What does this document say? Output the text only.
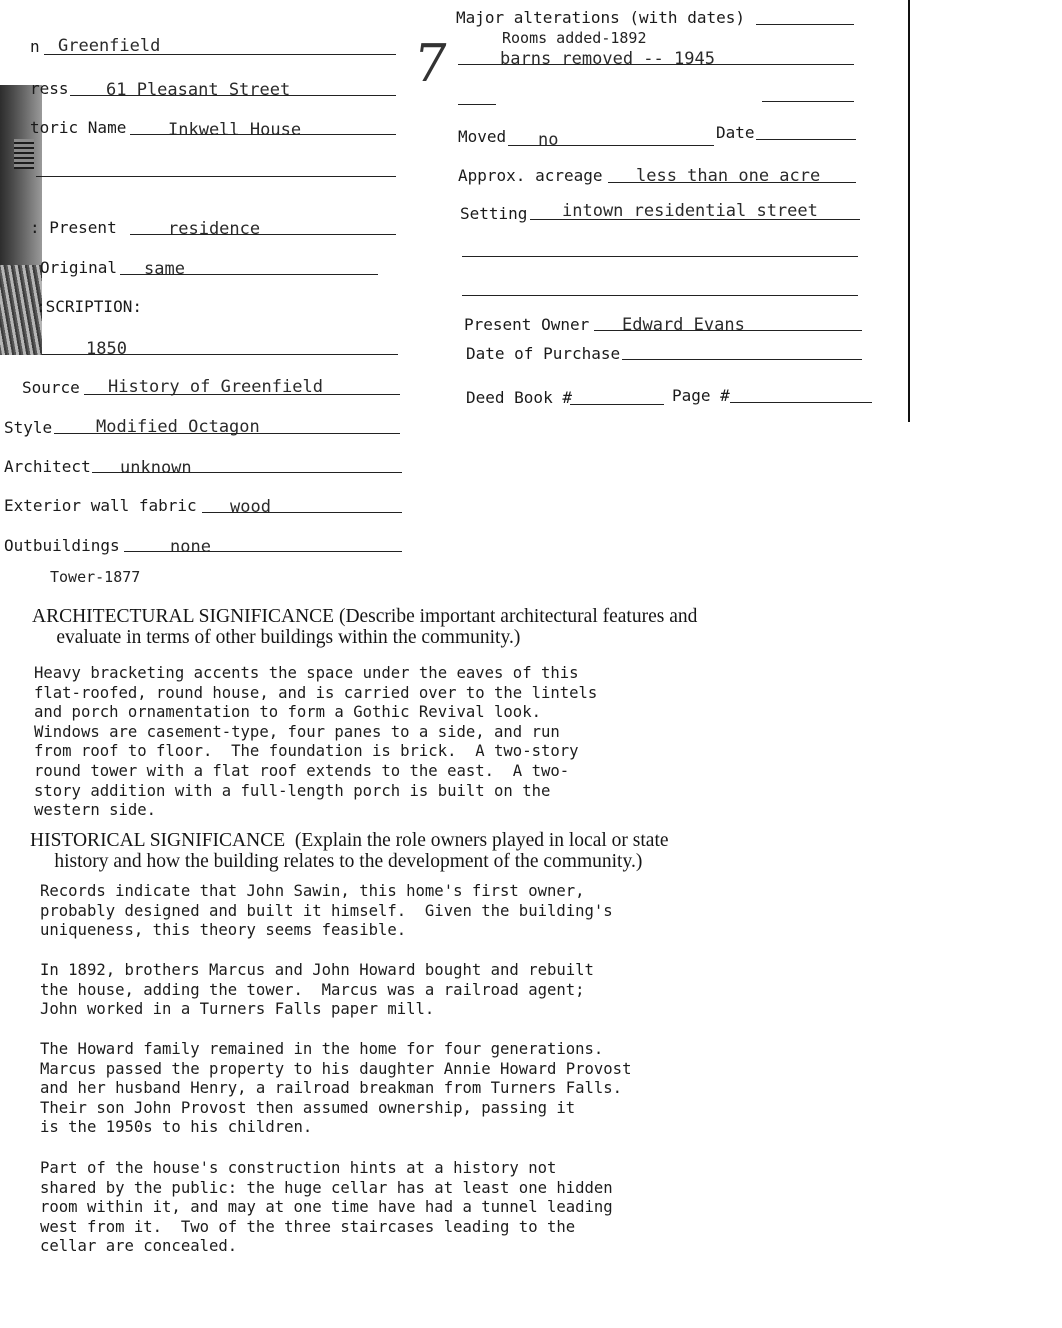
7
n Greenfield
ress 61 Pleasant Street
toric Name Inkwell House
: Present	residence
Original same
:SCRIPTION:
1850
Source History of Greenfield
Style	Modified Octagon
Architect unknown
Exterior wall fabric wood
Outbuildings	none
Tower-1877
Major alterations (with dates)
Rooms added-1892
barns removed -- 1945
Moved no	Date
Approx. acreage less than one acre
Setting intown residential street
Present Owner Edward Evans
Date of Purchase
Deed Book #	Page #
ARCHITECTURAL SIGNIFICANCE (Describe important architectural features and
evaluate in terms of other buildings within the community.)
Heavy bracketing accents the space under the eaves of this
flat-roofed, round house, and is carried over to the lintels
and porch ornamentation to form a Gothic Revival look.
Windows are casement-type, four panes to a side, and run
from roof to floor.  The foundation is brick.  A two-story
round tower with a flat roof extends to the east.  A two-
story addition with a full-length porch is built on the
western side.
HISTORICAL SIGNIFICANCE  (Explain the role owners played in local or state
history and how the building relates to the development of the community.)
Records indicate that John Sawin, this home's first owner,
probably designed and built it himself.  Given the building's
uniqueness, this theory seems feasible.
In 1892, brothers Marcus and John Howard bought and rebuilt
the house, adding the tower.  Marcus was a railroad agent;
John worked in a Turners Falls paper mill.
The Howard family remained in the home for four generations.
Marcus passed the property to his daughter Annie Howard Provost
and her husband Henry, a railroad breakman from Turners Falls.
Their son John Provost then assumed ownership, passing it
is the 1950s to his children.
Part of the house's construction hints at a history not
shared by the public: the huge cellar has at least one hidden
room within it, and may at one time have had a tunnel leading
west from it.  Two of the three staircases leading to the
cellar are concealed.
